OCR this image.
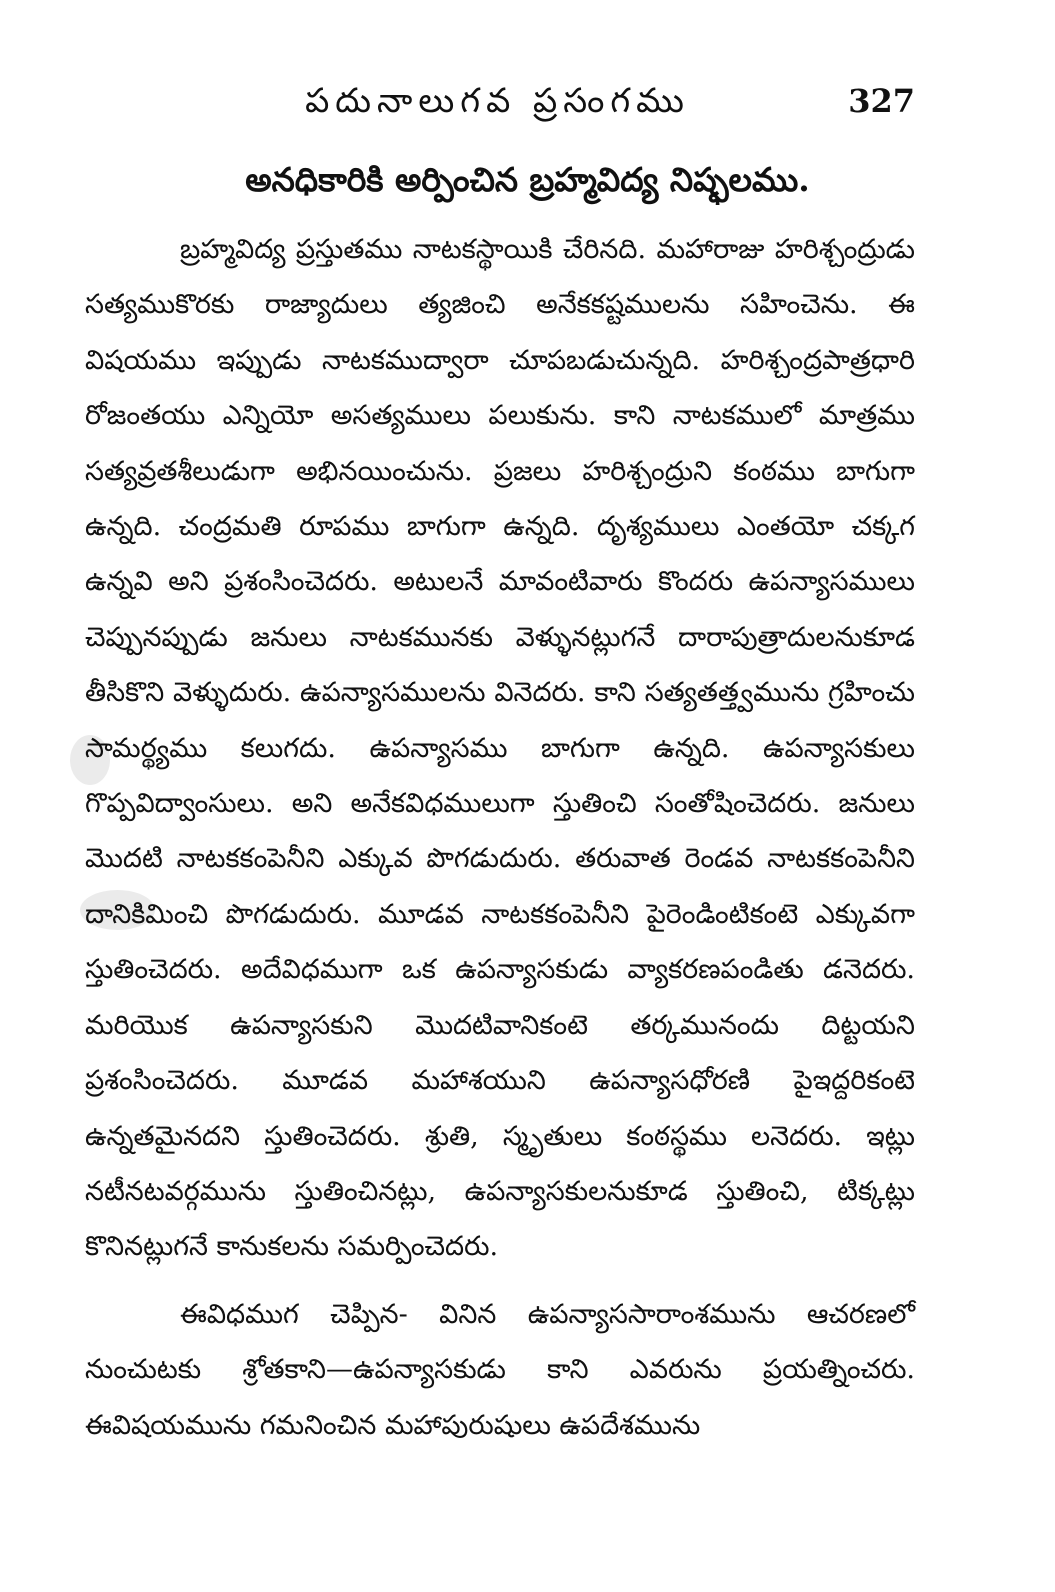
పదునాలుగవ ప్రసంగము	327
అనధికారికి అర్పించిన బ్రహ్మవిద్య నిష్ఫలము.

బ్రహ్మవిద్య ప్రస్తుతము నాటకస్థాయికి చేరినది. మహారాజు హరిశ్చంద్రుడు సత్యముకొరకు రాజ్యాదులు త్యజించి అనేకకష్టములను సహించెను. ఈ విషయము ఇప్పుడు నాటకముద్వారా చూపబడుచున్నది. హరిశ్చంద్రపాత్రధారి రోజంతయు ఎన్నియో అసత్యములు పలుకును. కాని నాటకములో మాత్రము సత్యవ్రతశీలుడుగా అభినయించును. ప్రజలు హరిశ్చంద్రుని కంఠము బాగుగా ఉన్నది. చంద్రమతి రూపము బాగుగా ఉన్నది. దృశ్యములు ఎంతయో చక్కగ ఉన్నవి అని ప్రశంసించెదరు. అటులనే మావంటివారు కొందరు ఉపన్యాసములు చెప్పునప్పుడు జనులు నాటకమునకు వెళ్ళునట్లుగనే దారాపుత్రాదులనుకూడ తీసికొని వెళ్ళుదురు. ఉపన్యాసములను వినెదరు. కాని సత్యతత్త్వమును గ్రహించు సామర్థ్యము కలుగదు. ఉపన్యాసము బాగుగా ఉన్నది. ఉపన్యాసకులు గొప్పవిద్వాంసులు. అని అనేకవిధములుగా స్తుతించి సంతోషించెదరు. జనులు మొదటి నాటకకంపెనీని ఎక్కువ పొగడుదురు. తరువాత రెండవ నాటకకంపెనీని దానికిమించి పొగడుదురు. మూడవ నాటకకంపెనీని పైరెండింటికంటె ఎక్కువగా స్తుతించెదరు. అదేవిధముగా ఒక ఉపన్యాసకుడు వ్యాకరణపండితు డనెదరు. మరియొక ఉపన్యాసకుని మొదటివానికంటె తర్కమునందు దిట్టయని ప్రశంసించెదరు. మూడవ మహాశయుని ఉపన్యాసధోరణి పైఇద్దరికంటె ఉన్నతమైనదని స్తుతించెదరు. శ్రుతి, స్మృతులు కంఠస్థము లనెదరు. ఇట్లు నటీనటవర్గమును స్తుతించినట్లు, ఉపన్యాసకులనుకూడ స్తుతించి, టిక్కట్లు కొనినట్లుగనే కానుకలను సమర్పించెదరు.

ఈవిధముగ చెప్పిన- వినిన ఉపన్యాససారాంశమును ఆచరణలో నుంచుటకు శ్రోతకాని—ఉపన్యాసకుడు కాని ఎవరును ప్రయత్నించరు. ఈవిషయమును గమనించిన మహాపురుషులు ఉపదేశమును
